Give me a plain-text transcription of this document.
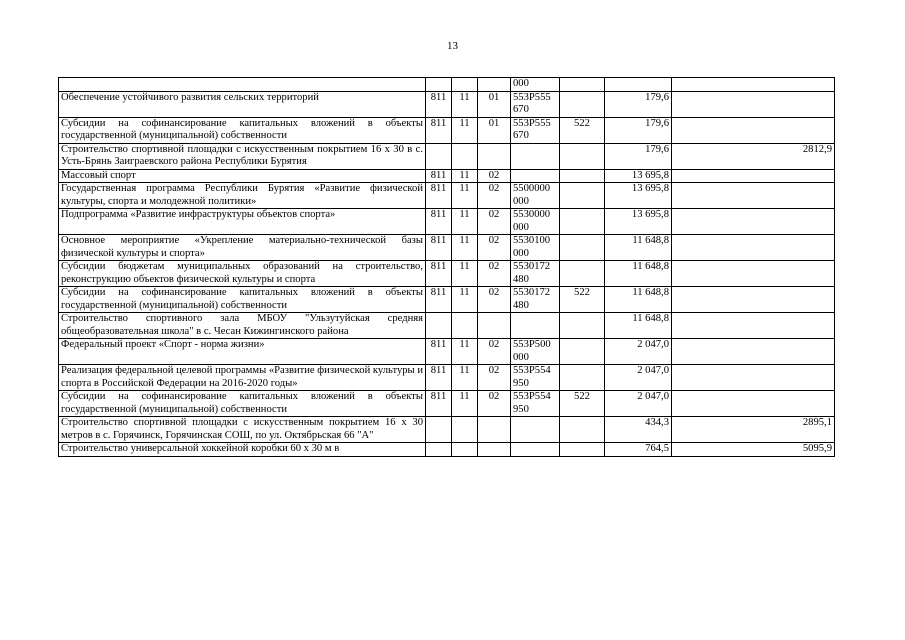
13
				000			
Обеспечение устойчивого развития сельских территорий	811	11	01	553P555 670		179,6	
Субсидии на софинансирование капитальных вложений в объекты государственной (муниципальной) собственности	811	11	01	553P555 670	522	179,6	
Строительство спортивной площадки с искусственным покрытием 16 х 30 в с. Усть-Брянь Заиграевского района Республики Бурятия						179,6	2812,9
Массовый спорт	811	11	02			13 695,8	
Государственная программа Республики Бурятия «Развитие физической культуры, спорта и молодежной политики»	811	11	02	5500000 000		13 695,8	
Подпрограмма «Развитие инфраструктуры объектов спорта»	811	11	02	5530000 000		13 695,8	
Основное мероприятие «Укрепление материально-технической базы физической культуры и спорта»	811	11	02	5530100 000		11 648,8	
Субсидии бюджетам муниципальных образований на строительство, реконструкцию объектов физической культуры и спорта	811	11	02	5530172 480		11 648,8	
Субсидии на софинансирование капитальных вложений в объекты государственной (муниципальной) собственности	811	11	02	5530172 480	522	11 648,8	
Строительство спортивного зала МБОУ "Ульзутуйская средняя общеобразовательная школа" в с. Чесан Кижингинского района						11 648,8	
Федеральный проект «Спорт - норма жизни»	811	11	02	553P500 000		2 047,0	
Реализация федеральной целевой программы «Развитие физической культуры и спорта в Российской Федерации на 2016-2020 годы»	811	11	02	553P554 950		2 047,0	
Субсидии на софинансирование капитальных вложений в объекты государственной (муниципальной) собственности	811	11	02	553P554 950	522	2 047,0	
Строительство спортивной площадки с искусственным покрытием 16 х 30 метров в с. Горячинск, Горячинская СОШ, по ул. Октябрьская 66 "А"						434,3	2895,1
Строительство универсальной хоккейной коробки 60 х 30 м в						764,5	5095,9
